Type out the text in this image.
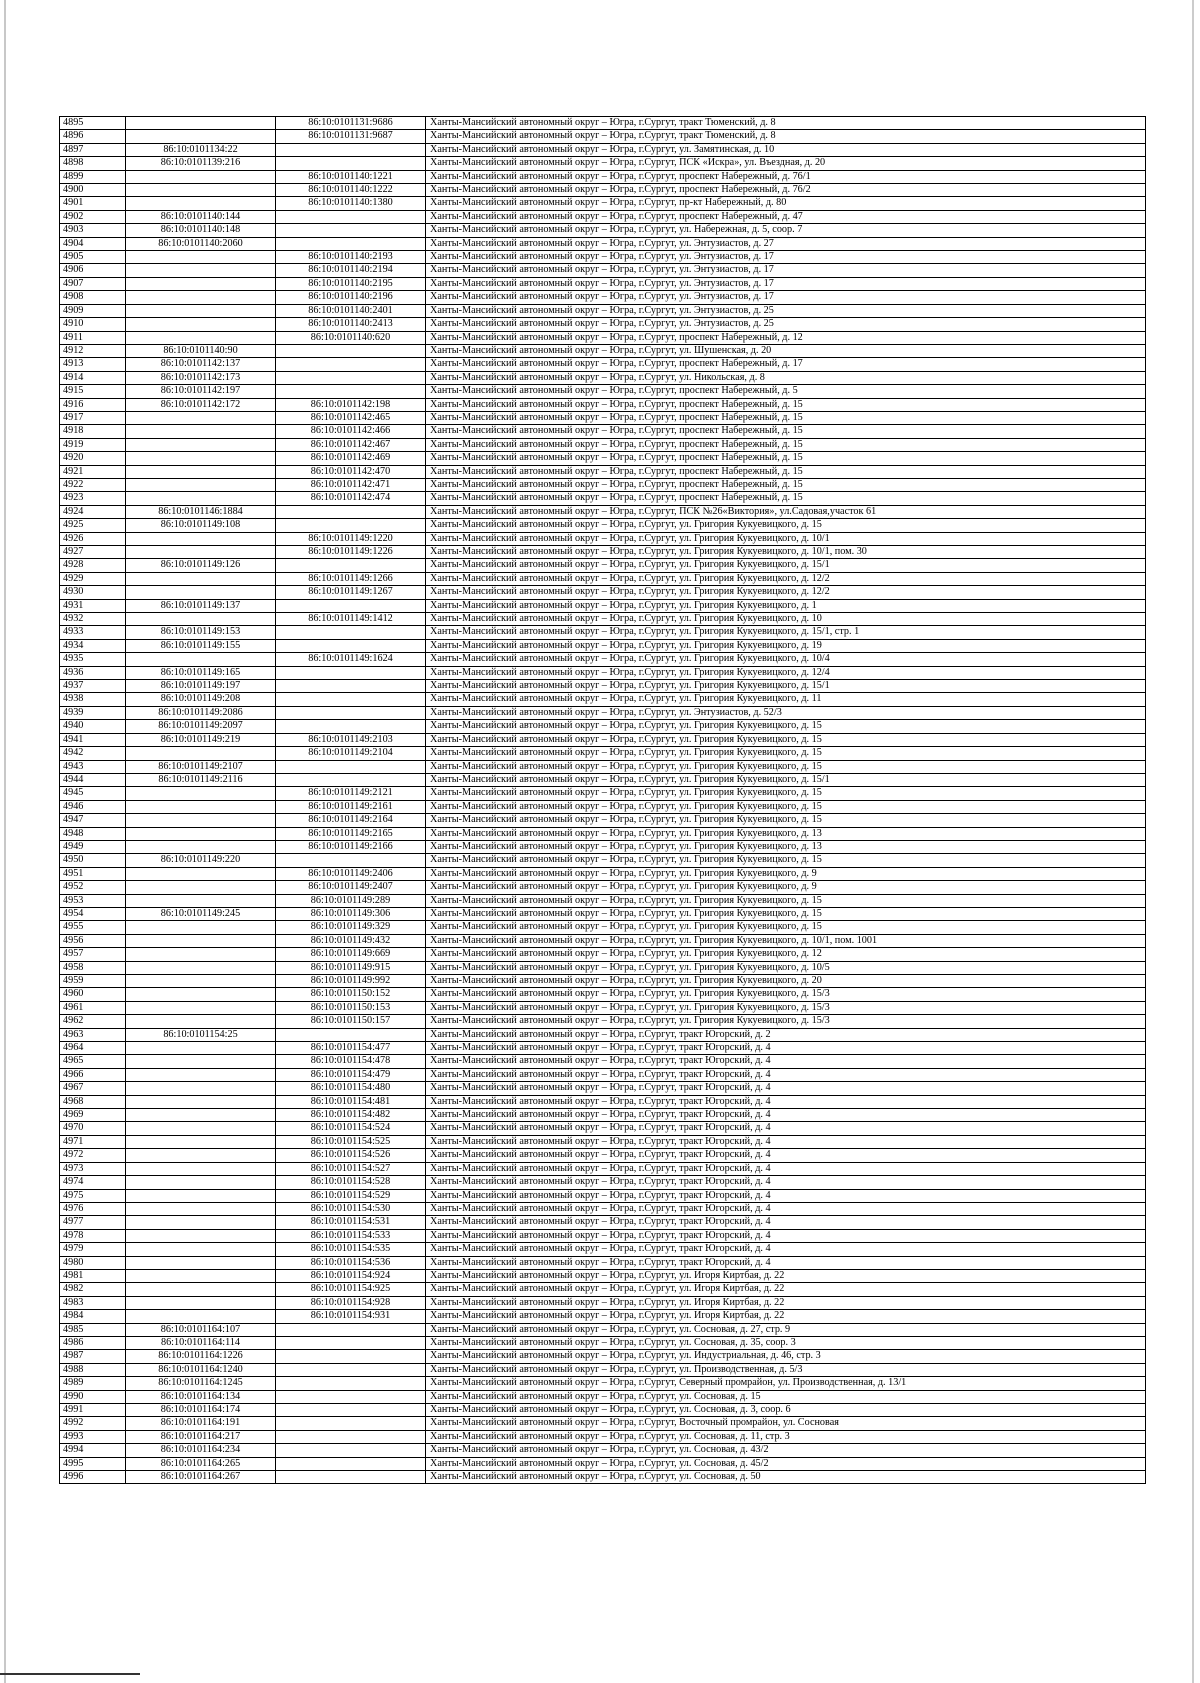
4895		86:10:0101131:9686	Ханты-Мансийский автономный округ – Югра, г.Сургут, тракт Тюменский, д. 8
4896		86:10:0101131:9687	Ханты-Мансийский автономный округ – Югра, г.Сургут, тракт Тюменский, д. 8
4897	86:10:0101134:22		Ханты-Мансийский автономный округ – Югра, г.Сургут, ул. Замятинская, д. 10
4898	86:10:0101139:216		Ханты-Мансийский автономный округ – Югра, г.Сургут, ПСК «Искра», ул. Въездная, д. 20
4899		86:10:0101140:1221	Ханты-Мансийский автономный округ – Югра, г.Сургут, проспект Набережный, д. 76/1
4900		86:10:0101140:1222	Ханты-Мансийский автономный округ – Югра, г.Сургут, проспект Набережный, д. 76/2
4901		86:10:0101140:1380	Ханты-Мансийский автономный округ – Югра, г.Сургут, пр-кт Набережный, д. 80
4902	86:10:0101140:144		Ханты-Мансийский автономный округ – Югра, г.Сургут, проспект Набережный, д. 47
4903	86:10:0101140:148		Ханты-Мансийский автономный округ – Югра, г.Сургут, ул. Набережная, д. 5, соор. 7
4904	86:10:0101140:2060		Ханты-Мансийский автономный округ – Югра, г.Сургут, ул. Энтузиастов, д. 27
4905		86:10:0101140:2193	Ханты-Мансийский автономный округ – Югра, г.Сургут, ул. Энтузиастов, д. 17
4906		86:10:0101140:2194	Ханты-Мансийский автономный округ – Югра, г.Сургут, ул. Энтузиастов, д. 17
4907		86:10:0101140:2195	Ханты-Мансийский автономный округ – Югра, г.Сургут, ул. Энтузиастов, д. 17
4908		86:10:0101140:2196	Ханты-Мансийский автономный округ – Югра, г.Сургут, ул. Энтузиастов, д. 17
4909		86:10:0101140:2401	Ханты-Мансийский автономный округ – Югра, г.Сургут, ул. Энтузиастов, д. 25
4910		86:10:0101140:2413	Ханты-Мансийский автономный округ – Югра, г.Сургут, ул. Энтузиастов, д. 25
4911		86:10:0101140:620	Ханты-Мансийский автономный округ – Югра, г.Сургут, проспект Набережный, д. 12
4912	86:10:0101140:90		Ханты-Мансийский автономный округ – Югра, г.Сургут, ул. Шушенская, д. 20
4913	86:10:0101142:137		Ханты-Мансийский автономный округ – Югра, г.Сургут, проспект Набережный, д. 17
4914	86:10:0101142:173		Ханты-Мансийский автономный округ – Югра, г.Сургут, ул. Никольская, д. 8
4915	86:10:0101142:197		Ханты-Мансийский автономный округ – Югра, г.Сургут, проспект Набережный, д. 5
4916	86:10:0101142:172	86:10:0101142:198	Ханты-Мансийский автономный округ – Югра, г.Сургут, проспект Набережный, д. 15
4917		86:10:0101142:465	Ханты-Мансийский автономный округ – Югра, г.Сургут, проспект Набережный, д. 15
4918		86:10:0101142:466	Ханты-Мансийский автономный округ – Югра, г.Сургут, проспект Набережный, д. 15
4919		86:10:0101142:467	Ханты-Мансийский автономный округ – Югра, г.Сургут, проспект Набережный, д. 15
4920		86:10:0101142:469	Ханты-Мансийский автономный округ – Югра, г.Сургут, проспект Набережный, д. 15
4921		86:10:0101142:470	Ханты-Мансийский автономный округ – Югра, г.Сургут, проспект Набережный, д. 15
4922		86:10:0101142:471	Ханты-Мансийский автономный округ – Югра, г.Сургут, проспект Набережный, д. 15
4923		86:10:0101142:474	Ханты-Мансийский автономный округ – Югра, г.Сургут, проспект Набережный, д. 15
4924	86:10:0101146:1884		Ханты-Мансийский автономный округ – Югра, г.Сургут, ПСК №26«Виктория», ул.Садовая,участок 61
4925	86:10:0101149:108		Ханты-Мансийский автономный округ – Югра, г.Сургут, ул. Григория Кукуевицкого, д. 15
4926		86:10:0101149:1220	Ханты-Мансийский автономный округ – Югра, г.Сургут, ул. Григория Кукуевицкого, д. 10/1
4927		86:10:0101149:1226	Ханты-Мансийский автономный округ – Югра, г.Сургут, ул. Григория Кукуевицкого, д. 10/1, пом. 30
4928	86:10:0101149:126		Ханты-Мансийский автономный округ – Югра, г.Сургут, ул. Григория Кукуевицкого, д. 15/1
4929		86:10:0101149:1266	Ханты-Мансийский автономный округ – Югра, г.Сургут, ул. Григория Кукуевицкого, д. 12/2
4930		86:10:0101149:1267	Ханты-Мансийский автономный округ – Югра, г.Сургут, ул. Григория Кукуевицкого, д. 12/2
4931	86:10:0101149:137		Ханты-Мансийский автономный округ – Югра, г.Сургут, ул. Григория Кукуевицкого, д. 1
4932		86:10:0101149:1412	Ханты-Мансийский автономный округ – Югра, г.Сургут, ул. Григория Кукуевицкого, д. 10
4933	86:10:0101149:153		Ханты-Мансийский автономный округ – Югра, г.Сургут, ул. Григория Кукуевицкого, д. 15/1, стр. 1
4934	86:10:0101149:155		Ханты-Мансийский автономный округ – Югра, г.Сургут, ул. Григория Кукуевицкого, д. 19
4935		86:10:0101149:1624	Ханты-Мансийский автономный округ – Югра, г.Сургут, ул. Григория Кукуевицкого, д. 10/4
4936	86:10:0101149:165		Ханты-Мансийский автономный округ – Югра, г.Сургут, ул. Григория Кукуевицкого, д. 12/4
4937	86:10:0101149:197		Ханты-Мансийский автономный округ – Югра, г.Сургут, ул. Григория Кукуевицкого, д. 15/1
4938	86:10:0101149:208		Ханты-Мансийский автономный округ – Югра, г.Сургут, ул. Григория Кукуевицкого, д. 11
4939	86:10:0101149:2086		Ханты-Мансийский автономный округ – Югра, г.Сургут, ул. Энтузиастов, д. 52/3
4940	86:10:0101149:2097		Ханты-Мансийский автономный округ – Югра, г.Сургут, ул. Григория Кукуевицкого, д. 15
4941	86:10:0101149:219	86:10:0101149:2103	Ханты-Мансийский автономный округ – Югра, г.Сургут, ул. Григория Кукуевицкого, д. 15
4942		86:10:0101149:2104	Ханты-Мансийский автономный округ – Югра, г.Сургут, ул. Григория Кукуевицкого, д. 15
4943	86:10:0101149:2107		Ханты-Мансийский автономный округ – Югра, г.Сургут, ул. Григория Кукуевицкого, д. 15
4944	86:10:0101149:2116		Ханты-Мансийский автономный округ – Югра, г.Сургут, ул. Григория Кукуевицкого, д. 15/1
4945		86:10:0101149:2121	Ханты-Мансийский автономный округ – Югра, г.Сургут, ул. Григория Кукуевицкого, д. 15
4946		86:10:0101149:2161	Ханты-Мансийский автономный округ – Югра, г.Сургут, ул. Григория Кукуевицкого, д. 15
4947		86:10:0101149:2164	Ханты-Мансийский автономный округ – Югра, г.Сургут, ул. Григория Кукуевицкого, д. 15
4948		86:10:0101149:2165	Ханты-Мансийский автономный округ – Югра, г.Сургут, ул. Григория Кукуевицкого, д. 13
4949		86:10:0101149:2166	Ханты-Мансийский автономный округ – Югра, г.Сургут, ул. Григория Кукуевицкого, д. 13
4950	86:10:0101149:220		Ханты-Мансийский автономный округ – Югра, г.Сургут, ул. Григория Кукуевицкого, д. 15
4951		86:10:0101149:2406	Ханты-Мансийский автономный округ – Югра, г.Сургут, ул. Григория Кукуевицкого, д. 9
4952		86:10:0101149:2407	Ханты-Мансийский автономный округ – Югра, г.Сургут, ул. Григория Кукуевицкого, д. 9
4953		86:10:0101149:289	Ханты-Мансийский автономный округ – Югра, г.Сургут, ул. Григория Кукуевицкого, д. 15
4954	86:10:0101149:245	86:10:0101149:306	Ханты-Мансийский автономный округ – Югра, г.Сургут, ул. Григория Кукуевицкого, д. 15
4955		86:10:0101149:329	Ханты-Мансийский автономный округ – Югра, г.Сургут, ул. Григория Кукуевицкого, д. 15
4956		86:10:0101149:432	Ханты-Мансийский автономный округ – Югра, г.Сургут, ул. Григория Кукуевицкого, д. 10/1, пом. 1001
4957		86:10:0101149:669	Ханты-Мансийский автономный округ – Югра, г.Сургут, ул. Григория Кукуевицкого, д. 12
4958		86:10:0101149:915	Ханты-Мансийский автономный округ – Югра, г.Сургут, ул. Григория Кукуевицкого, д. 10/5
4959		86:10:0101149:992	Ханты-Мансийский автономный округ – Югра, г.Сургут, ул. Григория Кукуевицкого, д. 20
4960		86:10:0101150:152	Ханты-Мансийский автономный округ – Югра, г.Сургут, ул. Григория Кукуевицкого, д. 15/3
4961		86:10:0101150:153	Ханты-Мансийский автономный округ – Югра, г.Сургут, ул. Григория Кукуевицкого, д. 15/3
4962		86:10:0101150:157	Ханты-Мансийский автономный округ – Югра, г.Сургут, ул. Григория Кукуевицкого, д. 15/3
4963	86:10:0101154:25		Ханты-Мансийский автономный округ – Югра, г.Сургут, тракт Югорский, д. 2
4964		86:10:0101154:477	Ханты-Мансийский автономный округ – Югра, г.Сургут, тракт Югорский, д. 4
4965		86:10:0101154:478	Ханты-Мансийский автономный округ – Югра, г.Сургут, тракт Югорский, д. 4
4966		86:10:0101154:479	Ханты-Мансийский автономный округ – Югра, г.Сургут, тракт Югорский, д. 4
4967		86:10:0101154:480	Ханты-Мансийский автономный округ – Югра, г.Сургут, тракт Югорский, д. 4
4968		86:10:0101154:481	Ханты-Мансийский автономный округ – Югра, г.Сургут, тракт Югорский, д. 4
4969		86:10:0101154:482	Ханты-Мансийский автономный округ – Югра, г.Сургут, тракт Югорский, д. 4
4970		86:10:0101154:524	Ханты-Мансийский автономный округ – Югра, г.Сургут, тракт Югорский, д. 4
4971		86:10:0101154:525	Ханты-Мансийский автономный округ – Югра, г.Сургут, тракт Югорский, д. 4
4972		86:10:0101154:526	Ханты-Мансийский автономный округ – Югра, г.Сургут, тракт Югорский, д. 4
4973		86:10:0101154:527	Ханты-Мансийский автономный округ – Югра, г.Сургут, тракт Югорский, д. 4
4974		86:10:0101154:528	Ханты-Мансийский автономный округ – Югра, г.Сургут, тракт Югорский, д. 4
4975		86:10:0101154:529	Ханты-Мансийский автономный округ – Югра, г.Сургут, тракт Югорский, д. 4
4976		86:10:0101154:530	Ханты-Мансийский автономный округ – Югра, г.Сургут, тракт Югорский, д. 4
4977		86:10:0101154:531	Ханты-Мансийский автономный округ – Югра, г.Сургут, тракт Югорский, д. 4
4978		86:10:0101154:533	Ханты-Мансийский автономный округ – Югра, г.Сургут, тракт Югорский, д. 4
4979		86:10:0101154:535	Ханты-Мансийский автономный округ – Югра, г.Сургут, тракт Югорский, д. 4
4980		86:10:0101154:536	Ханты-Мансийский автономный округ – Югра, г.Сургут, тракт Югорский, д. 4
4981		86:10:0101154:924	Ханты-Мансийский автономный округ – Югра, г.Сургут, ул. Игоря Киртбая, д. 22
4982		86:10:0101154:925	Ханты-Мансийский автономный округ – Югра, г.Сургут, ул. Игоря Киртбая, д. 22
4983		86:10:0101154:928	Ханты-Мансийский автономный округ – Югра, г.Сургут, ул. Игоря Киртбая, д. 22
4984		86:10:0101154:931	Ханты-Мансийский автономный округ – Югра, г.Сургут, ул. Игоря Киртбая, д. 22
4985	86:10:0101164:107		Ханты-Мансийский автономный округ – Югра, г.Сургут, ул. Сосновая, д. 27, стр. 9
4986	86:10:0101164:114		Ханты-Мансийский автономный округ – Югра, г.Сургут, ул. Сосновая, д. 35, соор. 3
4987	86:10:0101164:1226		Ханты-Мансийский автономный округ – Югра, г.Сургут, ул. Индустриальная, д. 46, стр. 3
4988	86:10:0101164:1240		Ханты-Мансийский автономный округ – Югра, г.Сургут, ул. Производственная, д. 5/3
4989	86:10:0101164:1245		Ханты-Мансийский автономный округ – Югра, г.Сургут, Северный промрайон, ул. Производственная, д. 13/1
4990	86:10:0101164:134		Ханты-Мансийский автономный округ – Югра, г.Сургут, ул. Сосновая, д. 15
4991	86:10:0101164:174		Ханты-Мансийский автономный округ – Югра, г.Сургут, ул. Сосновая, д. 3, соор. 6
4992	86:10:0101164:191		Ханты-Мансийский автономный округ – Югра, г.Сургут, Восточный промрайон, ул. Сосновая
4993	86:10:0101164:217		Ханты-Мансийский автономный округ – Югра, г.Сургут, ул. Сосновая, д. 11, стр. 3
4994	86:10:0101164:234		Ханты-Мансийский автономный округ – Югра, г.Сургут, ул. Сосновая, д. 43/2
4995	86:10:0101164:265		Ханты-Мансийский автономный округ – Югра, г.Сургут, ул. Сосновая, д. 45/2
4996	86:10:0101164:267		Ханты-Мансийский автономный округ – Югра, г.Сургут, ул. Сосновая, д. 50
